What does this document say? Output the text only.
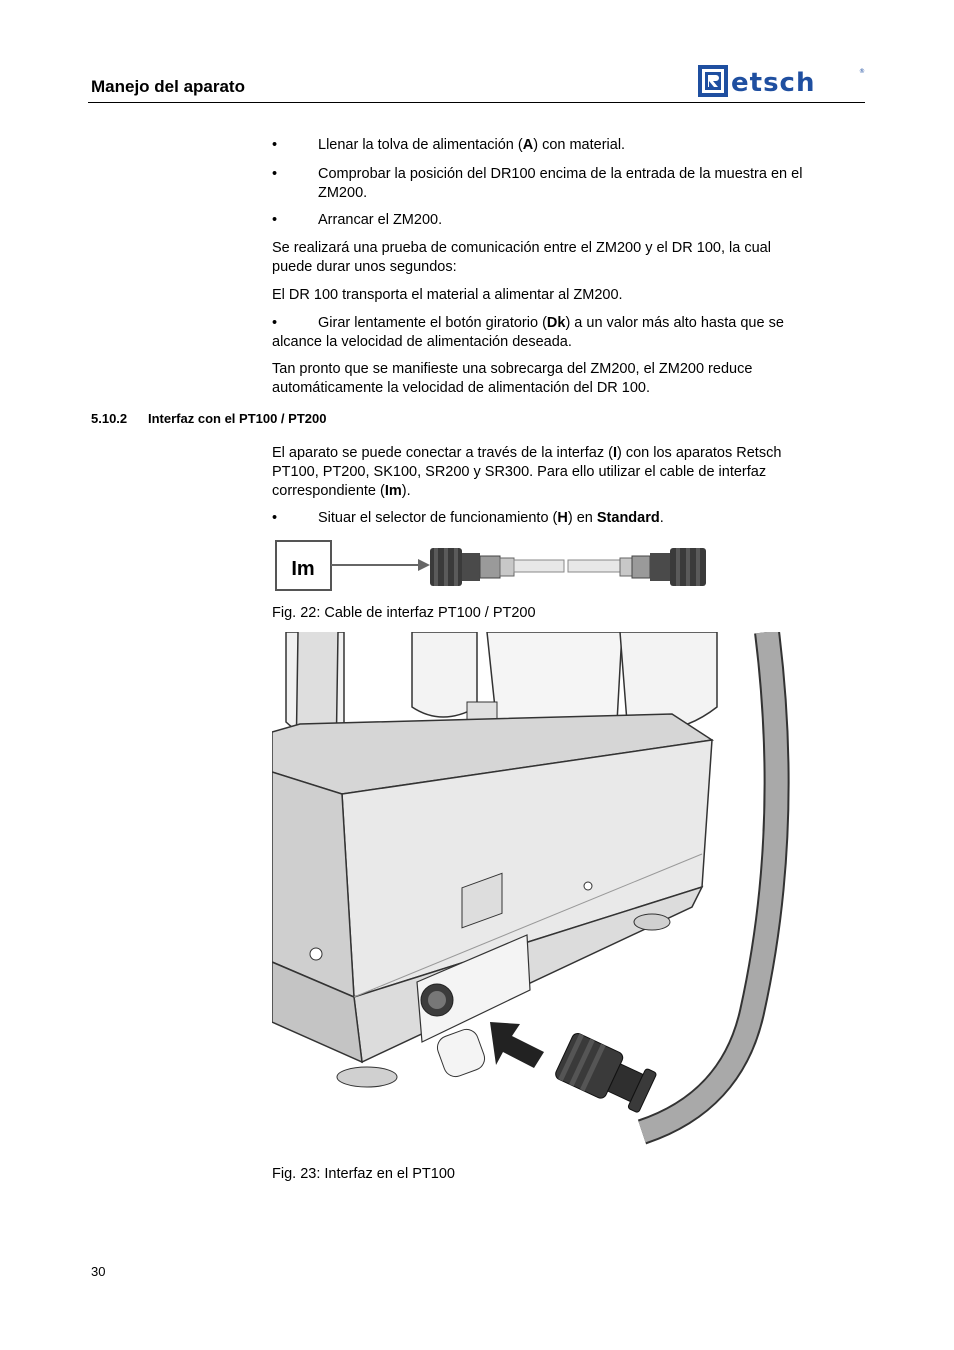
Manejo del aparato	etsch	®
•	Llenar la tolva de alimentación (A) con material.
•	Comprobar la posición del DR100 encima de la entrada de la muestra en el
ZM200.
•	Arrancar el ZM200.
Se realizará una prueba de comunicación entre el ZM200 y el DR 100, la cual
puede durar unos segundos:
El DR 100 transporta el material a alimentar al ZM200.
•	Girar lentamente el botón giratorio (Dk) a un valor más alto hasta que se
alcance la velocidad de alimentación deseada.
Tan pronto que se manifieste una sobrecarga del ZM200, el ZM200 reduce
automáticamente la velocidad de alimentación del DR 100.
5.10.2 Interfaz con el PT100 / PT200
El aparato se puede conectar a través de la interfaz (I) con los aparatos Retsch
PT100, PT200, SK100, SR200 y SR300. Para ello utilizar el cable de interfaz
correspondiente (Im).
•	Situar el selector de funcionamiento (H) en Standard.
Im
Fig. 22: Cable de interfaz PT100 / PT200
Fig. 23: Interfaz en el PT100
30
